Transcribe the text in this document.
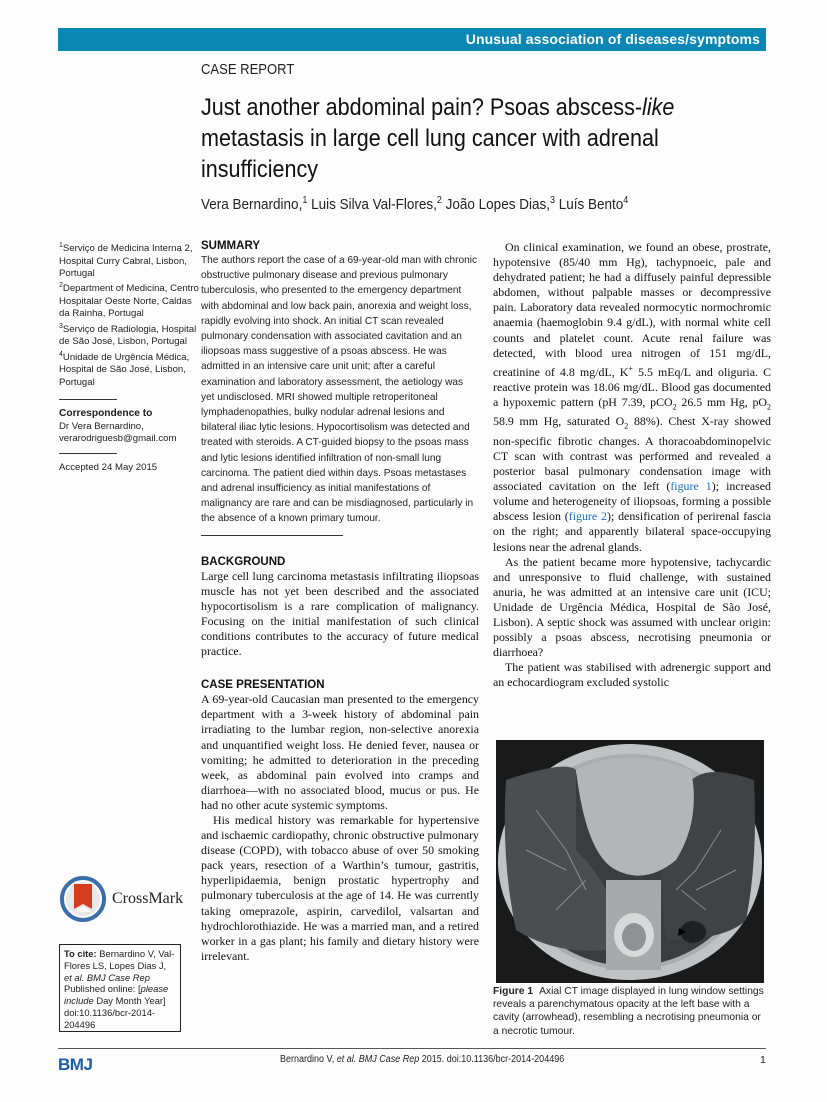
Unusual association of diseases/symptoms
CASE REPORT
Just another abdominal pain? Psoas abscess-like metastasis in large cell lung cancer with adrenal insufficiency
Vera Bernardino,$^1$ Luis Silva Val-Flores,$^2$ João Lopes Dias,$^3$ Luís Bento$^4$
$^1$Serviço de Medicina Interna 2, Hospital Curry Cabral, Lisbon, Portugal
$^2$Department of Medicina, Centro Hospitalar Oeste Norte, Caldas da Rainha, Portugal
$^3$Serviço de Radiologia, Hospital de São José, Lisbon, Portugal
$^4$Unidade de Urgência Médica, Hospital de São José, Lisbon, Portugal
Correspondence to
Dr Vera Bernardino,
verarodriguesb@gmail.com
Accepted 24 May 2015
CrossMark
To cite: Bernardino V, Val-Flores LS, Lopes Dias J, et al. BMJ Case Rep
Published online: [please include Day Month Year]
doi:10.1136/bcr-2014-204496
SUMMARY

The authors report the case of a 69-year-old man with chronic obstructive pulmonary disease and previous pulmonary tuberculosis, who presented to the emergency department with abdominal and low back pain, anorexia and weight loss, rapidly evolving into shock. An initial CT scan revealed pulmonary condensation with associated cavitation and an iliopsoas mass suggestive of a psoas abscess. He was admitted in an intensive care unit unit; after a careful examination and laboratory assessment, the aetiology was yet undisclosed. MRI showed multiple retroperitoneal lymphadenopathies, bulky nodular adrenal lesions and bilateral iliac lytic lesions. Hypocortisolism was detected and treated with steroids. A CT-guided biopsy to the psoas mass and lytic lesions identified infiltration of non-small lung carcinoma. The patient died within days. Psoas metastases and adrenal insufficiency as initial manifestations of malignancy are rare and can be misdiagnosed, particularly in the absence of a known primary tumour.

BACKGROUND

Large cell lung carcinoma metastasis infiltrating iliopsoas muscle has not yet been described and the associated hypocortisolism is a rare complication of malignancy. Focusing on the initial manifestation of such clinical conditions contributes to the accuracy of future medical practice.

CASE PRESENTATION

A 69-year-old Caucasian man presented to the emergency department with a 3-week history of abdominal pain irradiating to the lumbar region, non-selective anorexia and unquantified weight loss. He denied fever, nausea or vomiting; he admitted to deterioration in the preceding week, as abdominal pain evolved into cramps and diarrhoea—with no associated blood, mucus or pus. He had no other acute systemic symptoms.

His medical history was remarkable for hypertensive and ischaemic cardiopathy, chronic obstructive pulmonary disease (COPD), with tobacco abuse of over 50 smoking pack years, resection of a Warthin’s tumour, gastritis, hyperlipidaemia, benign prostatic hypertrophy and pulmonary tuberculosis at the age of 14. He was currently taking omeprazole, aspirin, carvedilol, valsartan and hydrochlorothiazide. He was a married man, and a retired worker in a gas plant; his family and dietary history were irrelevant.

On clinical examination, we found an obese, prostrate, hypotensive (85/40 mm Hg), tachypnoeic, pale and dehydrated patient; he had a diffusely painful depressible abdomen, without palpable masses or decompressive pain. Laboratory data revealed normocytic normochromic anaemia (haemoglobin 9.4 g/dL), with normal white cell counts and platelet count. Acute renal failure was detected, with blood urea nitrogen of 151 mg/dL, creatinine of 4.8 mg/dL, K+ 5.5 mEq/L and oliguria. C reactive protein was 18.06 mg/dL. Blood gas documented a hypoxemic pattern (pH 7.39, pCO$_2$ 26.5 mm Hg, $pO_2$ 58.9 mm Hg, saturated $O_2$ 88%). Chest X-ray showed non-specific fibrotic changes. A thoracoabdominopelvic CT scan with contrast was performed and revealed a posterior basal pulmonary condensation image with associated cavitation on the left (figure 1); increased volume and heterogeneity of iliopsoas, forming a possible abscess lesion (figure 2); densification of perirenal fascia on the right; and apparently bilateral space-occupying lesions near the adrenal glands.

As the patient became more hypotensive, tachycardic and unresponsive to fluid challenge, with sustained anuria, he was admitted at an intensive care unit (ICU; Unidade de Urgência Médica, Hospital de São José, Lisbon). A septic shock was assumed with unclear origin: possibly a psoas abscess, necrotising pneumonia or diarrhoea?

The patient was stabilised with adrenergic support and an echocardiogram excluded systolic

Figure 1 Axial CT image displayed in lung window settings reveals a parenchymatous opacity at the left base with a cavity (arrowhead), resembling a necrotising pneumonia or a necrotic tumour.
BMJ	Bernardino V, et al. BMJ Case Rep 2015. doi:10.1136/bcr-2014-204496	1
